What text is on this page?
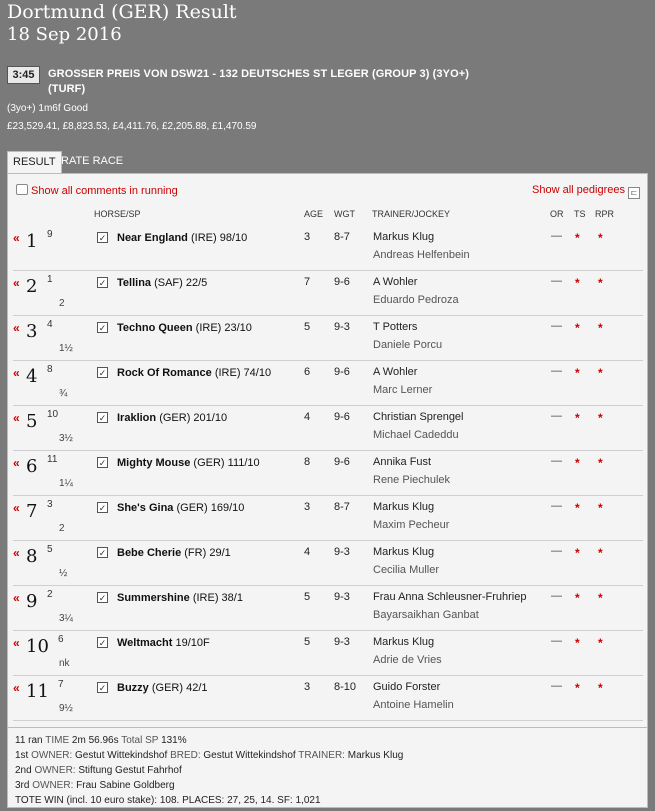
Dortmund (GER) Result
18 Sep 2016
3:45	GROSSER PREIS VON DSW21 - 132 DEUTSCHES ST LEGER (GROUP 3) (3YO+) (TURF)
(3yo+) 1m6f Good
£23,529.41, £8,823.53, £4,411.76, £2,205.88, £1,470.59
RESULT RATE RACE
Show all comments in running	Show all pedigrees ⊏
HORSE/SP	AGE WGT TRAINER/JOCKEY	OR TS RPR
« 1 9	✓ Near England (IRE) 98/10	3 8-7 Markus Klug
Andreas Helfenbein
— * *
« 2 1
2
✓ Tellina (SAF) 22/5	7 9-6 A Wohler
Eduardo Pedroza
— * *
« 3 4
1½
✓ Techno Queen (IRE) 23/10	5 9-3 T Potters
Daniele Porcu
— * *
« 4 8
¾
✓ Rock Of Romance (IRE) 74/10	6 9-6 A Wohler
Marc Lerner
— * *
« 5 10
3½
✓ Iraklion (GER) 201/10	4 9-6 Christian Sprengel
Michael Cadeddu
— * *
« 6 11
1¼
✓ Mighty Mouse (GER) 111/10	8 9-6 Annika Fust
Rene Piechulek
— * *
« 7 3
2
✓ She's Gina (GER) 169/10	3 8-7 Markus Klug
Maxim Pecheur
— * *
« 8 5
½
✓ Bebe Cherie (FR) 29/1	4 9-3 Markus Klug
Cecilia Muller
— * *
« 9 2
3¼
✓ Summershine (IRE) 38/1	5 9-3 Frau Anna Schleusner-Fruhriep
Bayarsaikhan Ganbat
— * *
« 10 6
nk
✓ Weltmacht 19/10F	5 9-3 Markus Klug
Adrie de Vries
— * *
« 11 7
9½
✓ Buzzy (GER) 42/1	3 8-10 Guido Forster
Antoine Hamelin
— * *
11 ran TIME 2m 56.96s Total SP 131%
1st OWNER: Gestut Wittekindshof BRED: Gestut Wittekindshof TRAINER: Markus Klug
2nd OWNER: Stiftung Gestut Fahrhof
3rd OWNER: Frau Sabine Goldberg
TOTE WIN (incl. 10 euro stake): 108. PLACES: 27, 25, 14. SF: 1,021
